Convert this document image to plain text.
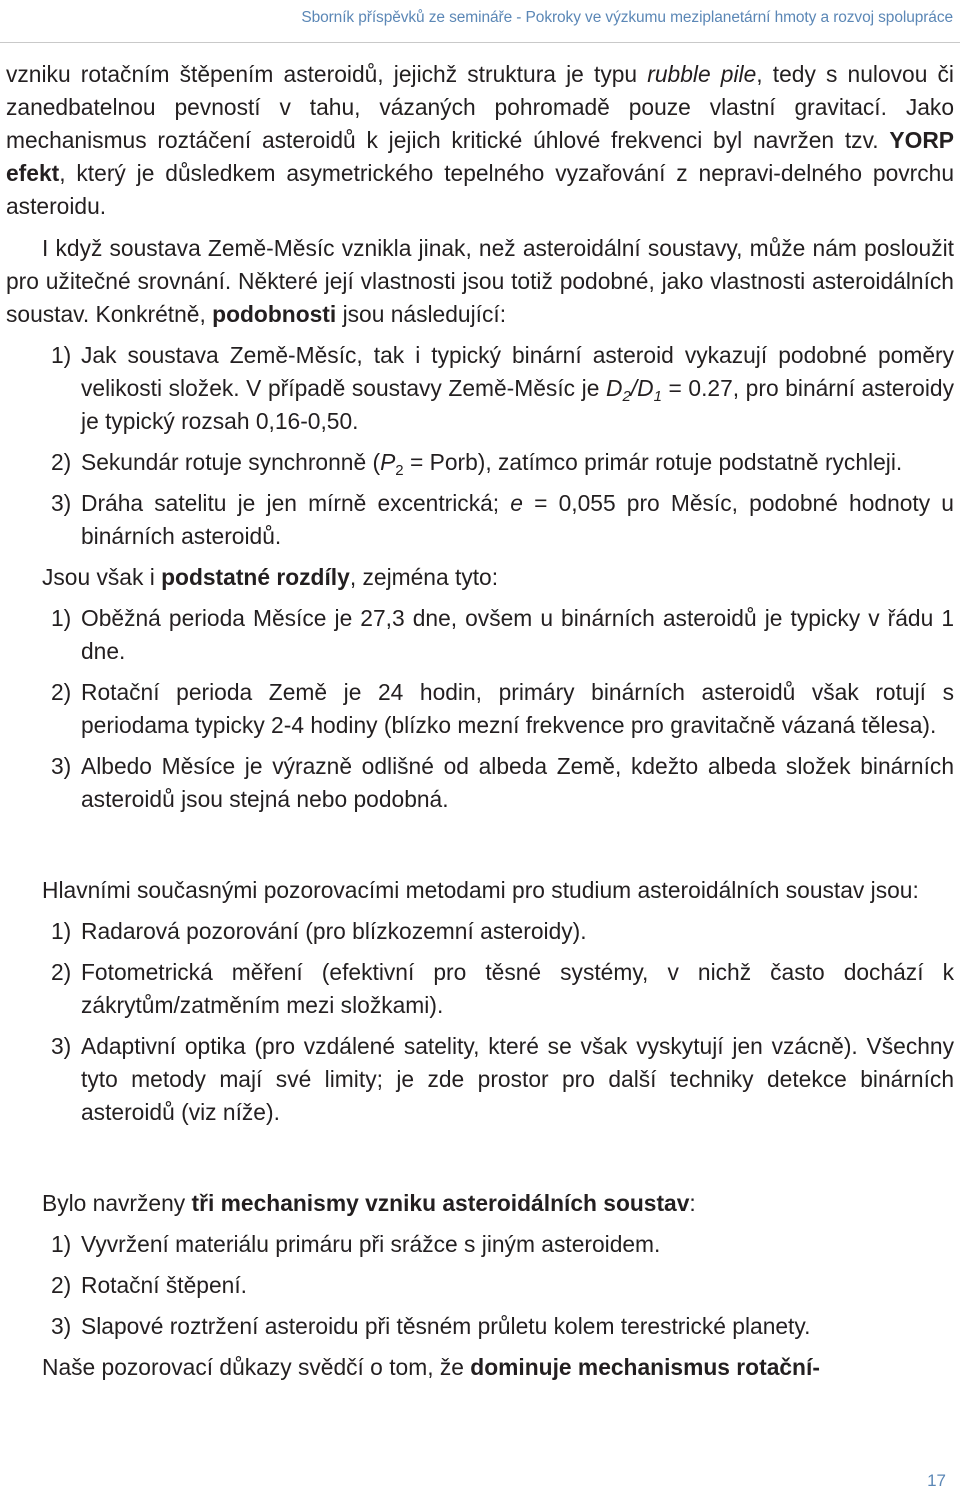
Sborník příspěvků ze semináře - Pokroky ve výzkumu meziplanetární hmoty a rozvoj spolupráce

vzniku rotačním štěpením asteroidů, jejichž struktura je typu rubble pile, tedy s nulovou či zanedbatelnou pevností v tahu, vázaných pohromadě pouze vlastní gravitací. Jako mechanismus roztáčení asteroidů k jejich kritické úhlové frekvenci byl navržen tzv. YORP efekt, který je důsledkem asymetrického tepelného vyzařování z nepravi-delného povrchu asteroidu.

I když soustava Země-Měsíc vznikla jinak, než asteroidální soustavy, může nám posloužit pro užitečné srovnání. Některé její vlastnosti jsou totiž podobné, jako vlastnosti asteroidálních soustav. Konkrétně, podobnosti jsou následující:

1) Jak soustava Země-Měsíc, tak i typický binární asteroid vykazují podobné poměry velikosti složek. V případě soustavy Země-Měsíc je $D_2/D_1 = 0.27$, pro binární asteroidy je typický rozsah 0,16-0,50.
2) Sekundár rotuje synchronně ($P_2$ = Porb), zatímco primár rotuje podstatně rychleji.
3) Dráha satelitu je jen mírně excentrická; e = 0,055 pro Měsíc, podobné hodnoty u binárních asteroidů.

Jsou však i podstatné rozdíly, zejména tyto:

1) Oběžná perioda Měsíce je 27,3 dne, ovšem u binárních asteroidů je typicky v řádu 1 dne.
2) Rotační perioda Země je 24 hodin, primáry binárních asteroidů však rotují s periodama typicky 2-4 hodiny (blízko mezní frekvence pro gravitačně vázaná tělesa).
3) Albedo Měsíce je výrazně odlišné od albeda Země, kdežto albeda složek binárních asteroidů jsou stejná nebo podobná.

Hlavními současnými pozorovacími metodami pro studium asteroidálních soustav jsou:

1) Radarová pozorování (pro blízkozemní asteroidy).
2) Fotometrická měření (efektivní pro těsné systémy, v nichž často dochází k zákrytům/zatměním mezi složkami).
3) Adaptivní optika (pro vzdálené satelity, které se však vyskytují jen vzácně). Všechny tyto metody mají své limity; je zde prostor pro další techniky detekce binárních asteroidů (viz níže).

Bylo navrženy tři mechanismy vzniku asteroidálních soustav:

1) Vyvržení materiálu primáru při srážce s jiným asteroidem.
2) Rotační štěpení.
3) Slapové roztržení asteroidu při těsném průletu kolem terestrické planety.

Naše pozorovací důkazy svědčí o tom, že dominuje mechanismus rotační-

17
